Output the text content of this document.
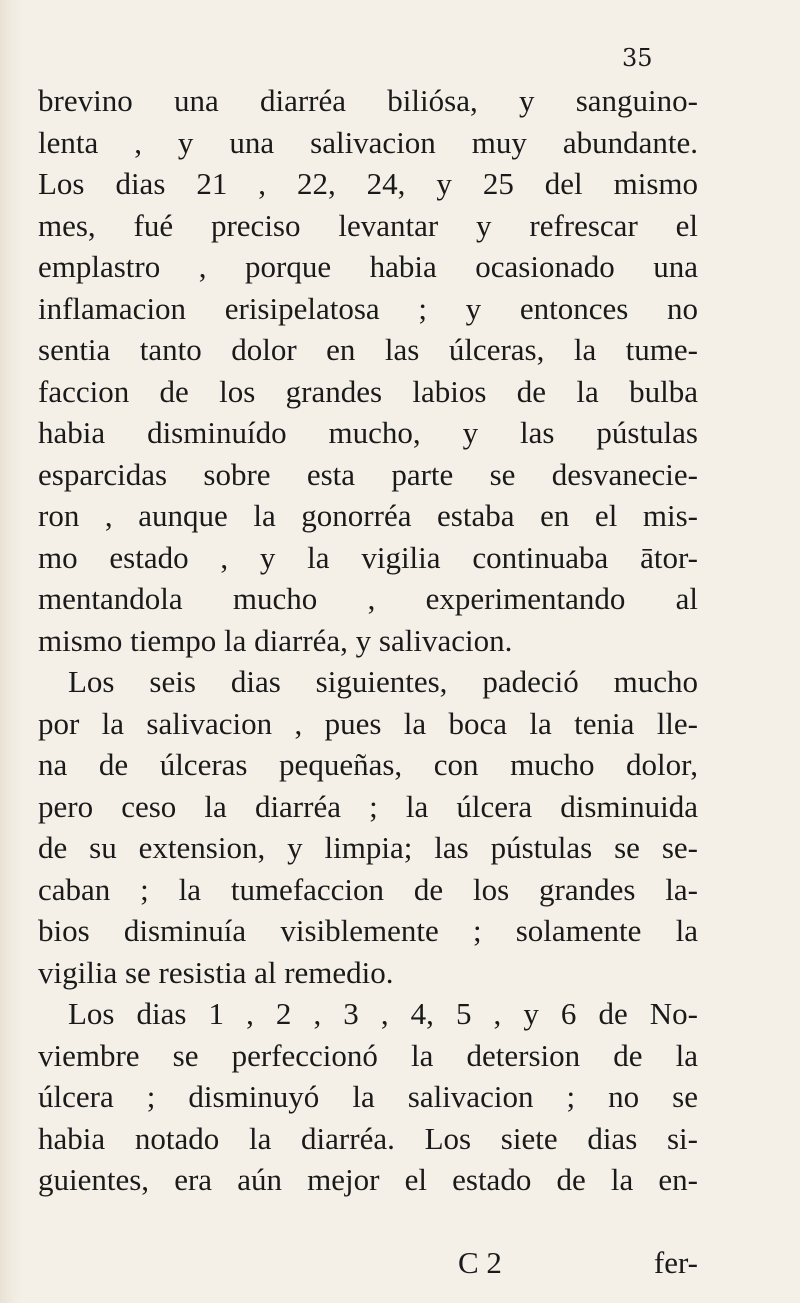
35

brevino una diarréa biliósa, y sanguino-
lenta , y una salivacion muy abundante.
Los dias 21 , 22, 24, y 25 del mismo
mes, fué preciso levantar y refrescar el
emplastro , porque habia ocasionado una
inflamacion erisipelatosa ; y entonces no
sentia tanto dolor en las úlceras, la tume-
faccion de los grandes labios de la bulba
habia disminuído mucho, y las pústulas
esparcidas sobre esta parte se desvanecie-
ron , aunque la gonorréa estaba en el mis-
mo estado , y la vigilia continuaba ātor-
mentandola mucho , experimentando al
mismo tiempo la diarréa, y salivacion.
Los seis dias siguientes, padeció mucho
por la salivacion , pues la boca la tenia lle-
na de úlceras pequeñas, con mucho dolor,
pero ceso la diarréa ; la úlcera disminuida
de su extension, y limpia; las pústulas se se-
caban ; la tumefaccion de los grandes la-
bios disminuía visiblemente ; solamente la
vigilia se resistia al remedio.
Los dias 1 , 2 , 3 , 4, 5 , y 6 de No-
viembre se perfeccionó la detersion de la
úlcera ; disminuyó la salivacion ; no se
habia notado la diarréa. Los siete dias si-
guientes, era aún mejor el estado de la en-
C 2	fer-
